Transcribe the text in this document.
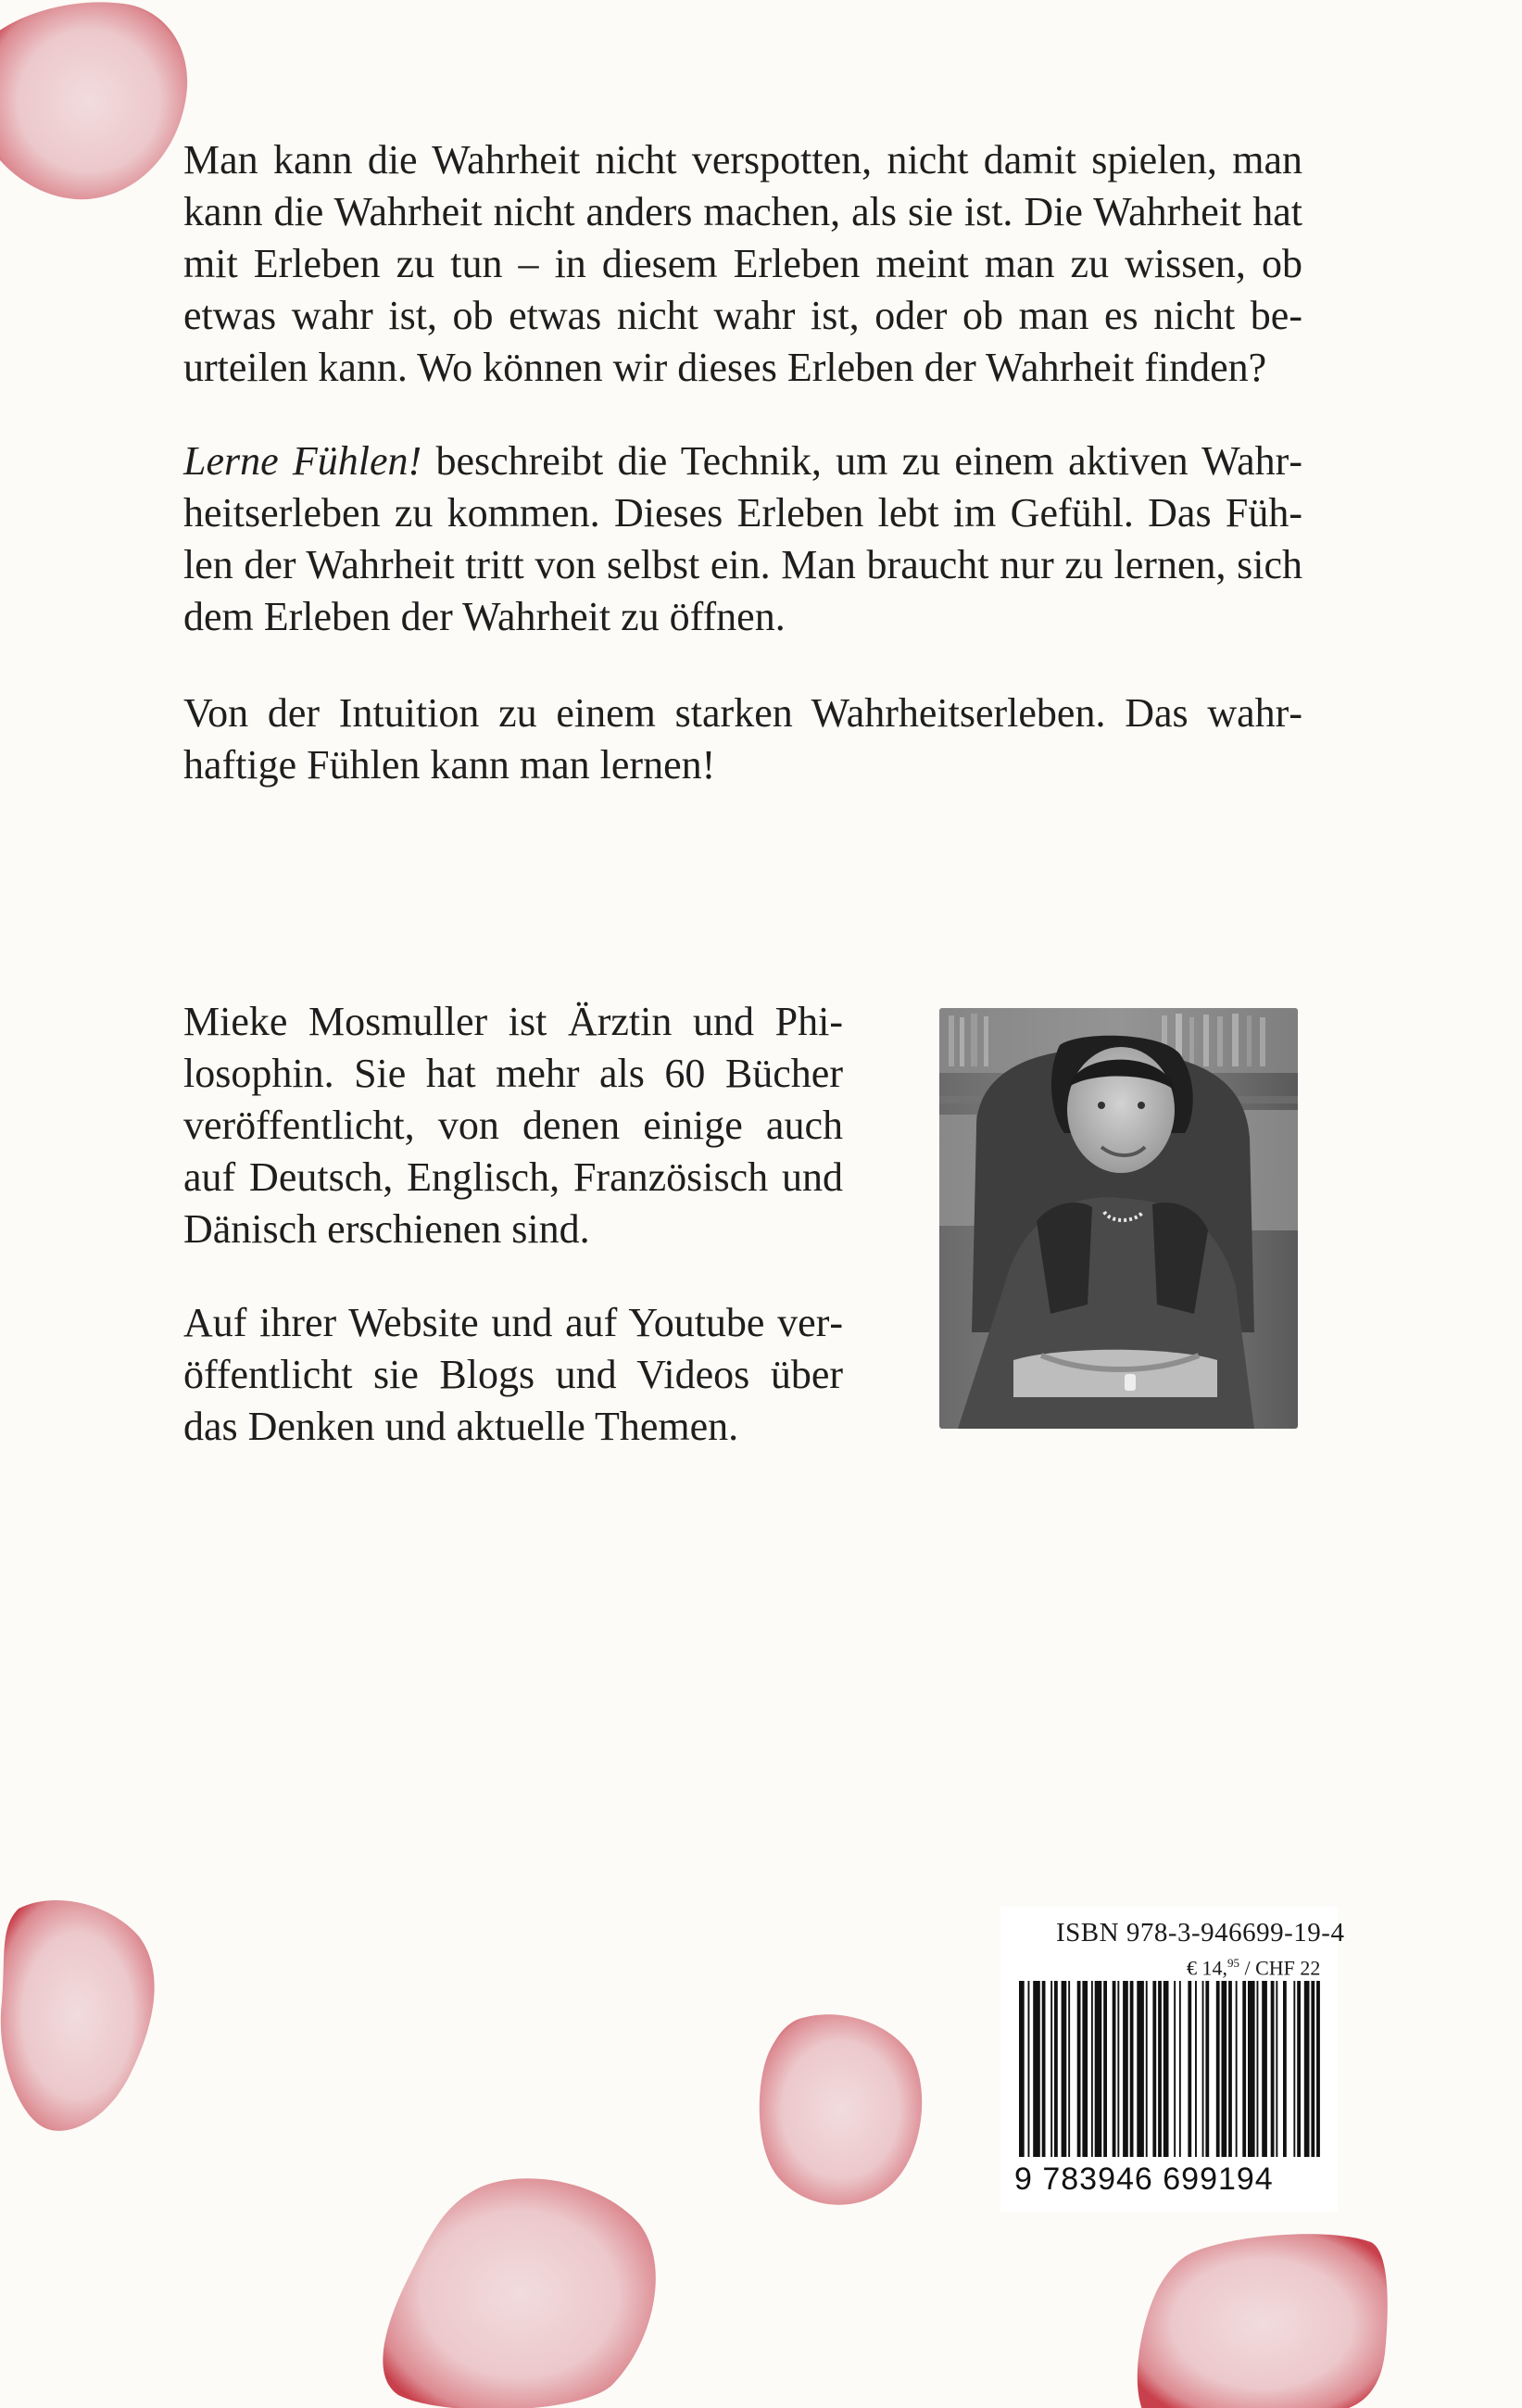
Man kann die Wahrheit nicht verspotten, nicht damit spielen, man kann die Wahrheit nicht anders machen, als sie ist. Die Wahrheit hat mit Erleben zu tun – in diesem Erleben meint man zu wissen, ob etwas wahr ist, ob etwas nicht wahr ist, oder ob man es nicht beurteilen kann. Wo können wir dieses Erleben der Wahrheit finden?

Lerne Fühlen! beschreibt die Technik, um zu einem aktiven Wahrheitserleben zu kommen. Dieses Erleben lebt im Gefühl. Das Fühlen der Wahrheit tritt von selbst ein. Man braucht nur zu lernen, sich dem Erleben der Wahrheit zu öffnen.

Von der Intuition zu einem starken Wahrheitserleben. Das wahrhaftige Fühlen kann man lernen!

Mieke Mosmuller ist Ärztin und Philosophin. Sie hat mehr als 60 Bücher veröffentlicht, von denen einige auch auf Deutsch, Englisch, Französisch und Dänisch erschienen sind.

Auf ihrer Website und auf Youtube veröffentlicht sie Blogs und Videos über das Denken und aktuelle Themen.

ISBN 978-3-946699-19-4
€ 14,95 / CHF 22
9 783946 699194
